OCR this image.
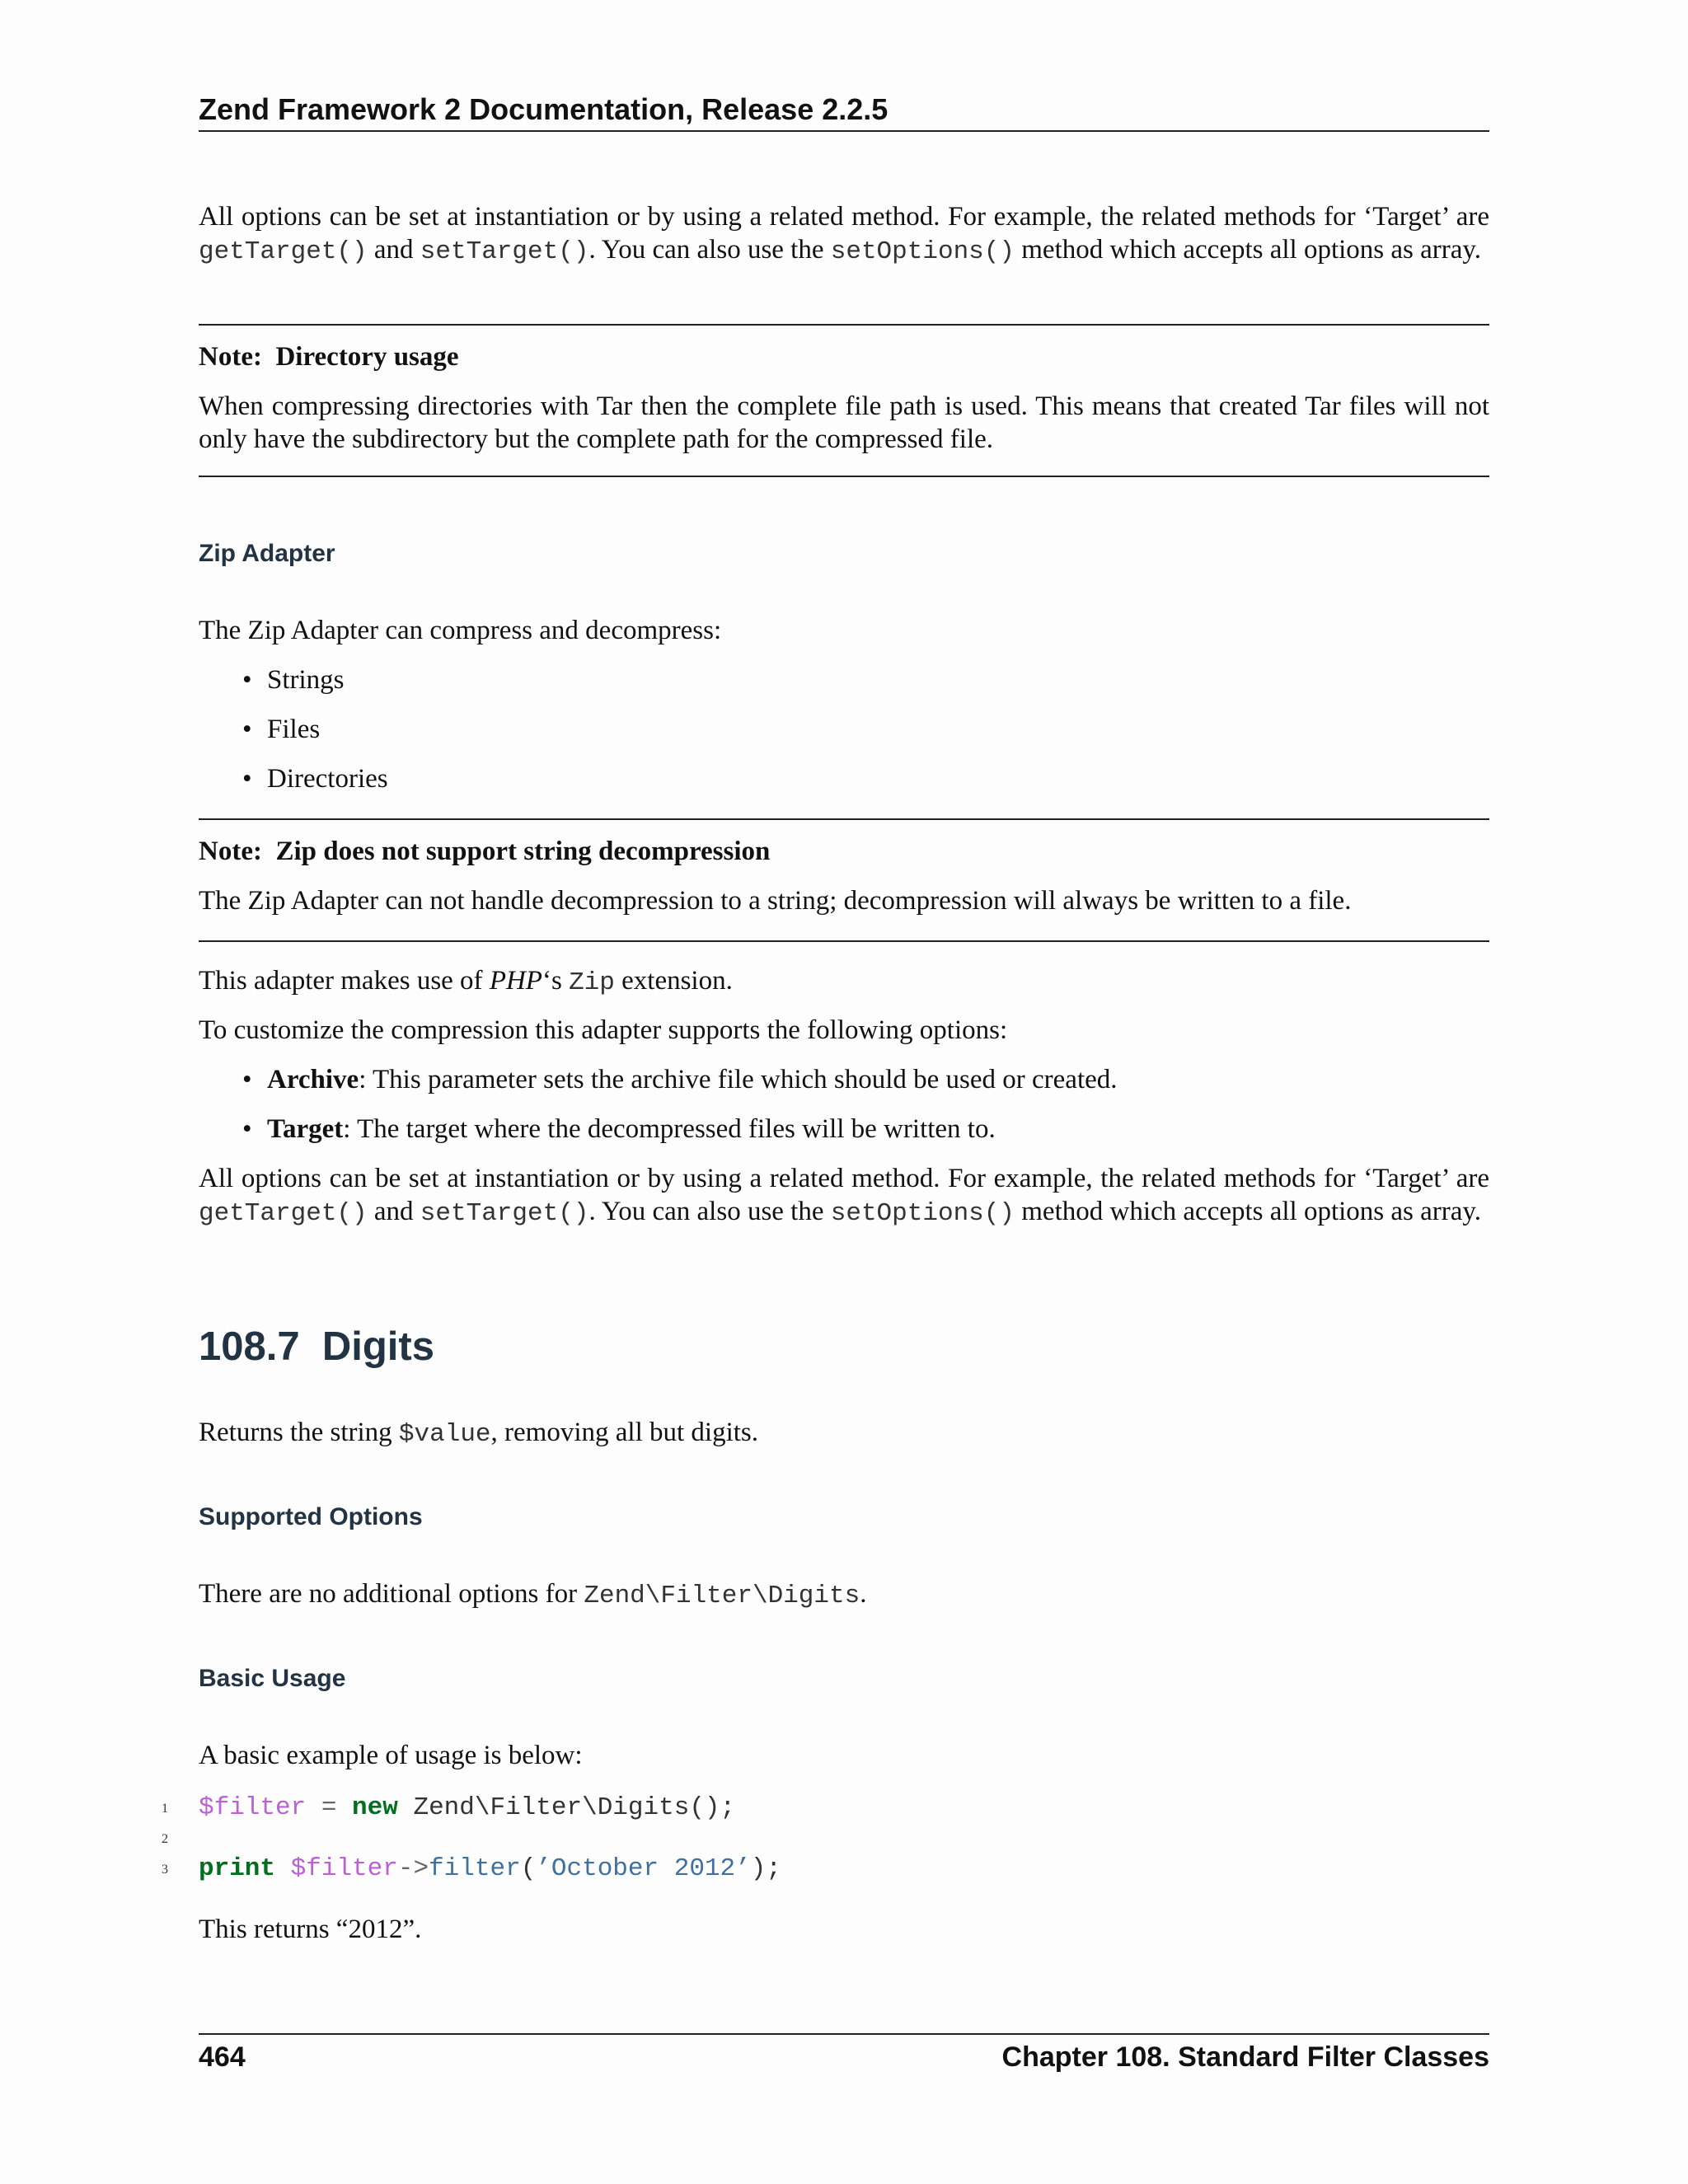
Zend Framework 2 Documentation, Release 2.2.5

All options can be set at instantiation or by using a related method. For example, the related methods for ‘Target’ are getTarget() and setTarget(). You can also use the setOptions() method which accepts all options as array.

Note: Directory usage

When compressing directories with Tar then the complete file path is used. This means that created Tar files will not only have the subdirectory but the complete path for the compressed file.

Zip Adapter

The Zip Adapter can compress and decompress:

• Strings
• Files
• Directories
Note: Zip does not support string decompression

The Zip Adapter can not handle decompression to a string; decompression will always be written to a file.

This adapter makes use of PHP‘s Zip extension.

To customize the compression this adapter supports the following options:

• Archive: This parameter sets the archive file which should be used or created.
• Target: The target where the decompressed files will be written to.

All options can be set at instantiation or by using a related method. For example, the related methods for ‘Target’ are getTarget() and setTarget(). You can also use the setOptions() method which accepts all options as array.

108.7 Digits

Returns the string $value, removing all but digits.

Supported Options

There are no additional options for Zend\Filter\Digits.

Basic Usage

A basic example of usage is below:

1 $filter = new Zend\Filter\Digits();
2
3 print $filter->filter(’October 2012’);

This returns “2012”.

464	Chapter 108. Standard Filter Classes
